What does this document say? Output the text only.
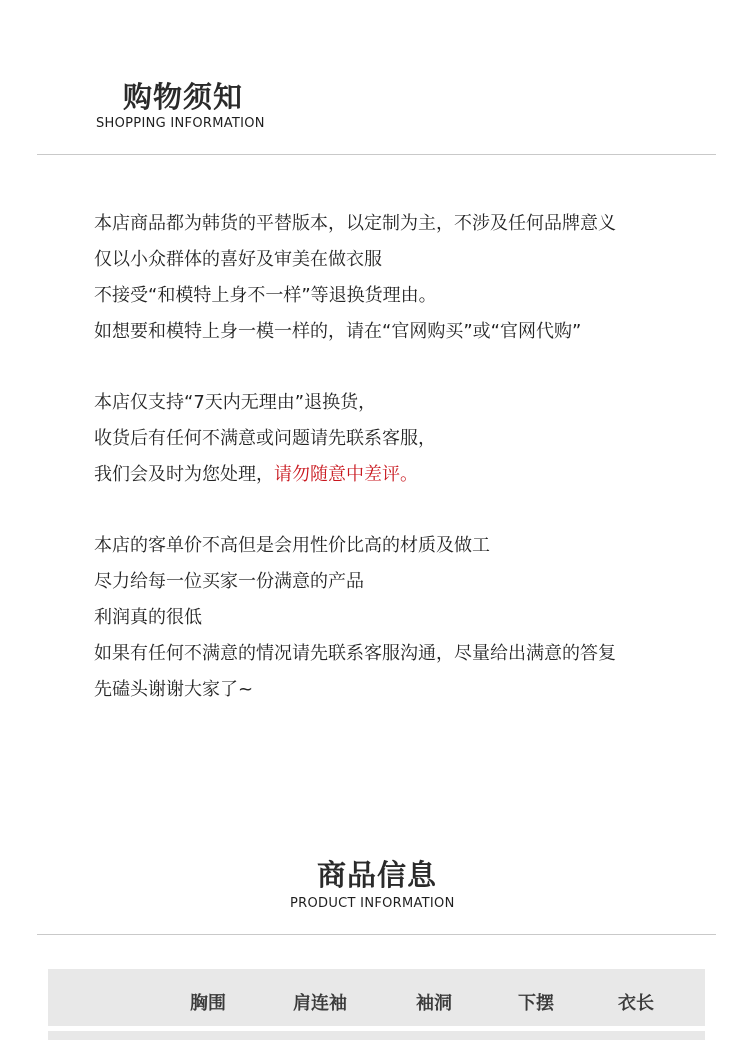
购物须知
SHOPPING INFORMATION
本店商品都为韩货的平替版本，以定制为主，不涉及任何品牌意义
仅以小众群体的喜好及审美在做衣服
不接受“和模特上身不一样”等退换货理由。
如想要和模特上身一模一样的，请在“官网购买”或“官网代购”
本店仅支持“7天内无理由”退换货，
收货后有任何不满意或问题请先联系客服，
我们会及时为您处理，请勿随意中差评。
本店的客单价不高但是会用性价比高的材质及做工
尽力给每一位买家一份满意的产品
利润真的很低
如果有任何不满意的情况请先联系客服沟通，尽量给出满意的答复
先磕头谢谢大家了~
商品信息
PRODUCT INFORMATION
胸围	肩连袖	袖洞	下摆	衣长
